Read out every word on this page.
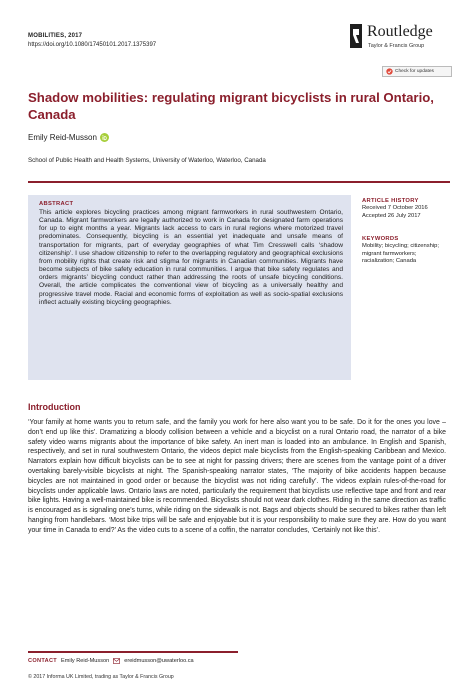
MOBILITIES, 2017
https://doi.org/10.1080/17450101.2017.1375397
Routledge
Taylor & Francis Group
Check for updates
Shadow mobilities: regulating migrant bicyclists in rural Ontario, Canada
Emily Reid-Musson
School of Public Health and Health Systems, University of Waterloo, Waterloo, Canada
ABSTRACT
This article explores bicycling practices among migrant farmworkers in rural southwestern Ontario, Canada. Migrant farmworkers are legally authorized to work in Canada for designated farm operations for up to eight months a year. Migrants lack access to cars in rural regions where motorized travel predominates. Consequently, bicycling is an essential yet inadequate and unsafe means of transportation for migrants, part of everyday geographies of what Tim Cresswell calls ‘shadow citizenship’. I use shadow citizenship to refer to the overlapping regulatory and geographical exclusions from mobility rights that create risk and stigma for migrants in Canadian communities. Migrants have become subjects of bike safety education in rural communities. I argue that bike safety regulates and orders migrants’ bicycling conduct rather than addressing the roots of unsafe bicycling conditions. Overall, the article complicates the conventional view of bicycling as a universally healthy and progressive travel mode. Racial and economic forms of exploitation as well as socio-spatial exclusions inflect actually existing bicycling geographies.
ARTICLE HISTORY
Received 7 October 2016
Accepted 26 July 2017
KEYWORDS
Mobility; bicycling; citizenship; migrant farmworkers; racialization; Canada
Introduction
‘Your family at home wants you to return safe, and the family you work for here also want you to be safe. Do it for the ones you love – don’t end up like this’. Dramatizing a bloody collision between a vehicle and a bicyclist on a rural Ontario road, the narrator of a bike safety video warns migrants about the importance of bike safety. An inert man is loaded into an ambulance. In English and Spanish, respectively, and set in rural southwestern Ontario, the videos depict male bicyclists from the English-speaking Caribbean and Mexico. Narrators explain how difficult bicyclists can be to see at night for passing drivers; there are scenes from the vantage point of a driver overtaking barely-visible bicyclists at night. The Spanish-speaking narrator states, ‘The majority of bike accidents happen because bicycles are not maintained in good order or because the bicyclist was not riding carefully’. The videos explain rules-of-the-road for bicyclists under applicable laws. Ontario laws are noted, particularly the requirement that bicyclists use reflective tape and front and rear bike lights. Having a well-maintained bike is recommended. Bicyclists should not wear dark clothes. Riding in the same direction as traffic is encouraged as is signaling one’s turns, while riding on the sidewalk is not. Bags and objects should be secured to bikes rather than left hanging from handlebars. ‘Most bike trips will be safe and enjoyable but it is your responsibility to make sure they are. How do you want your time in Canada to end?’ As the video cuts to a scene of a coffin, the narrator concludes, ‘Certainly not like this’.
CONTACT Emily Reid-Musson	ereidmusson@uwaterloo.ca
© 2017 Informa UK Limited, trading as Taylor & Francis Group
